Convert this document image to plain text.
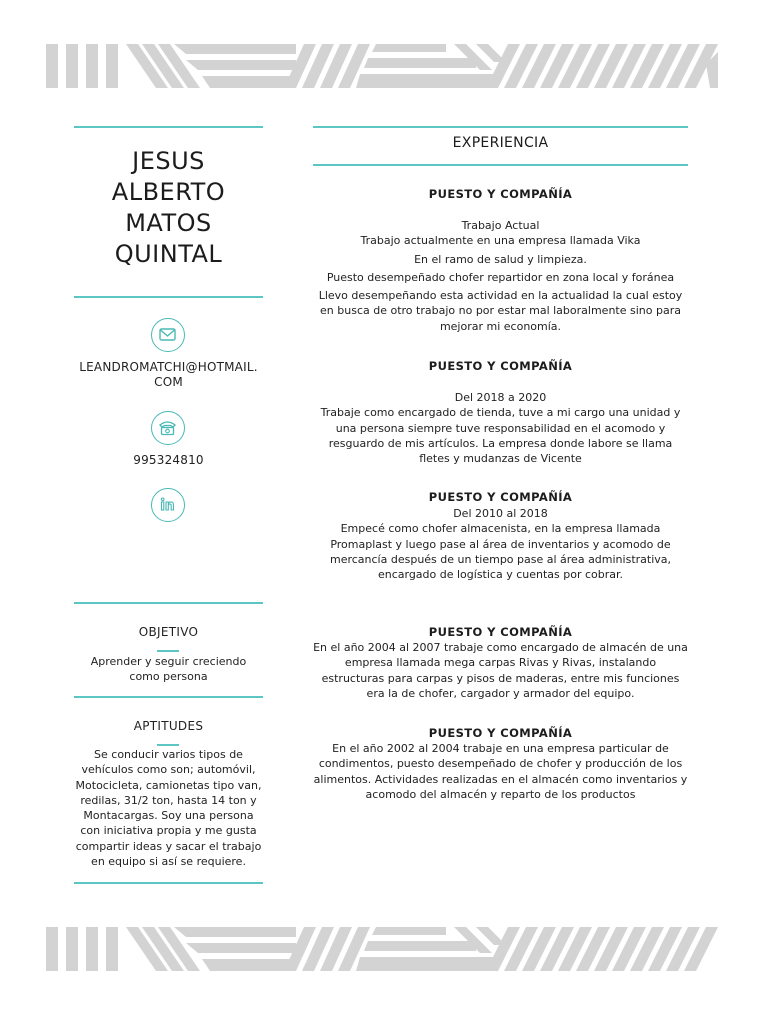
JESUS
ALBERTO
MATOS
QUINTAL
LEANDROMATCHI@HOTMAIL.
COM
995324810
OBJETIVO
Aprender y seguir creciendo como persona
APTITUDES
Se conducir varios tipos de vehículos como son; automóvil, Motocicleta, camionetas tipo van, redilas, 31/2 ton, hasta 14 ton y Montacargas. Soy una persona con iniciativa propia y me gusta compartir ideas y sacar el trabajo en equipo si así se requiere.
EXPERIENCIA
PUESTO Y COMPAÑÍA

Trabajo Actual

Trabajo actualmente en una empresa llamada Vika

En el ramo de salud y limpieza.

Puesto desempeñado chofer repartidor en zona local y foránea

Llevo desempeñando esta actividad en la actualidad la cual estoy en busca de otro trabajo no por estar mal laboralmente sino para mejorar mi economía.

PUESTO Y COMPAÑÍA

Del 2018 a 2020

Trabaje como encargado de tienda, tuve a mi cargo una unidad y una persona siempre tuve responsabilidad en el acomodo y resguardo de mis artículos. La empresa donde labore se llama fletes y mudanzas de Vicente

PUESTO Y COMPAÑÍA

Del 2010 al 2018

Empecé como chofer almacenista, en la empresa llamada Promaplast y luego pase al área de inventarios y acomodo de mercancía después de un tiempo pase al área administrativa, encargado de logística y cuentas por cobrar.

PUESTO Y COMPAÑÍA

En el año 2004 al 2007 trabaje como encargado de almacén de una empresa llamada mega carpas Rivas y Rivas, instalando estructuras para carpas y pisos de maderas, entre mis funciones era la de chofer, cargador y armador del equipo.

PUESTO Y COMPAÑÍA

En el año 2002 al 2004 trabaje en una empresa particular de condimentos, puesto desempeñado de chofer y producción de los alimentos. Actividades realizadas en el almacén como inventarios y acomodo del almacén y reparto de los productos
